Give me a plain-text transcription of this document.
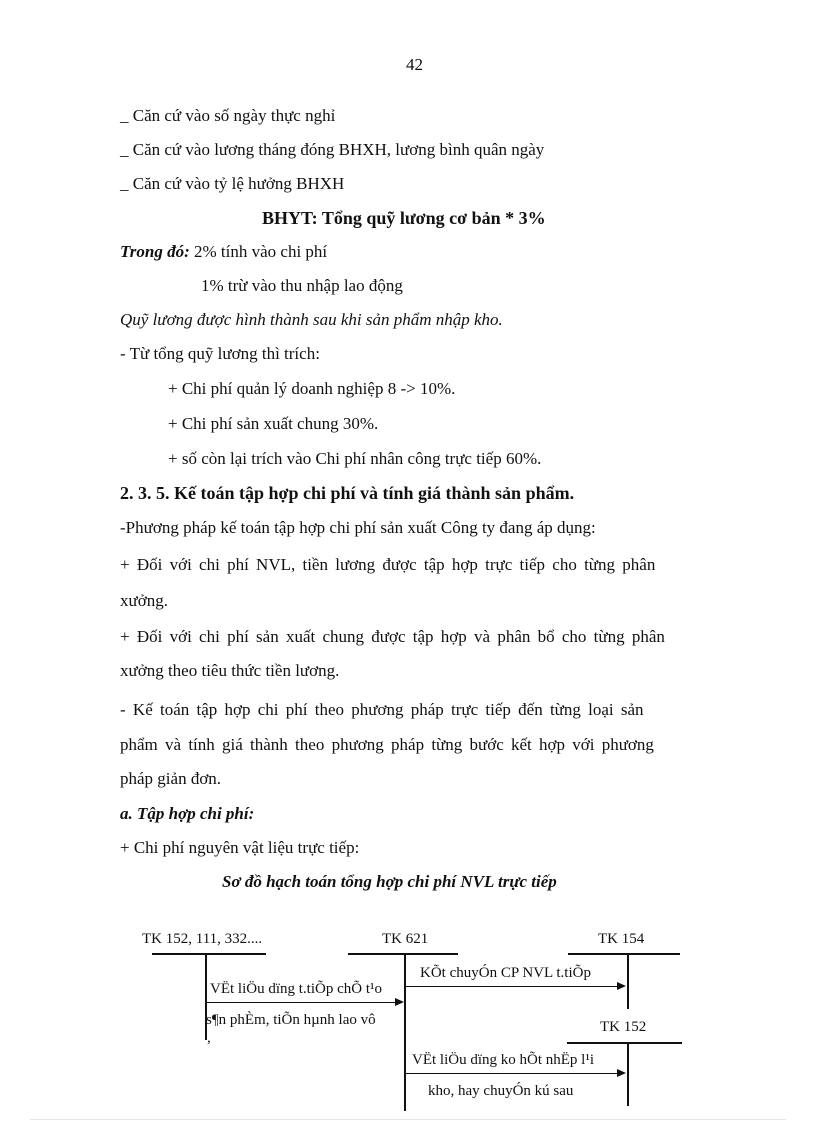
42
_ Căn cứ vào số ngày thực nghỉ
_ Căn cứ vào lương tháng đóng BHXH, lương bình quân ngày
_ Căn cứ vào tỷ lệ hưởng BHXH
BHYT: Tổng quỹ lương cơ bản * 3%
Trong đó: 2% tính vào chi phí
1% trừ vào thu nhập lao động
Quỹ lương được hình thành sau khi sản phẩm nhập kho.
- Từ tổng quỹ lương thì trích:
+ Chi phí quản lý doanh nghiệp 8 -> 10%.
+ Chi phí sản xuất chung 30%.
+ số còn lại trích vào Chi phí nhân công trực tiếp 60%.
2. 3. 5. Kế toán tập hợp chi phí và tính giá thành sản phẩm.
-Phương pháp kế toán tập hợp chi phí sản xuất Công ty đang áp dụng:
+ Đối với chi phí NVL, tiền lương được tập hợp trực tiếp cho từng phân
xưởng.
+ Đối với chi phí sản xuất chung được tập hợp và phân bổ cho từng phân
xưởng theo tiêu thức tiền lương.
- Kế toán tập hợp chi phí theo phương pháp trực tiếp đến từng loại sản
phẩm và tính giá thành theo phương pháp từng bước kết hợp với phương
pháp giản đơn.
a. Tập hợp chi phí:
+ Chi phí nguyên vật liệu trực tiếp:
Sơ đồ hạch toán tổng hợp chi phí NVL trực tiếp
TK 152, 111, 332....	TK 621	TK 154
TK 152
VËt liÖu dïng t.tiÕp chÕ t¹o
s¶n phÈm, tiÕn hµnh lao vô
,
KÕt chuyÓn CP NVL t.tiÕp
VËt liÖu dïng ko hÕt nhËp l¹i
kho, hay chuyÓn kú sau
